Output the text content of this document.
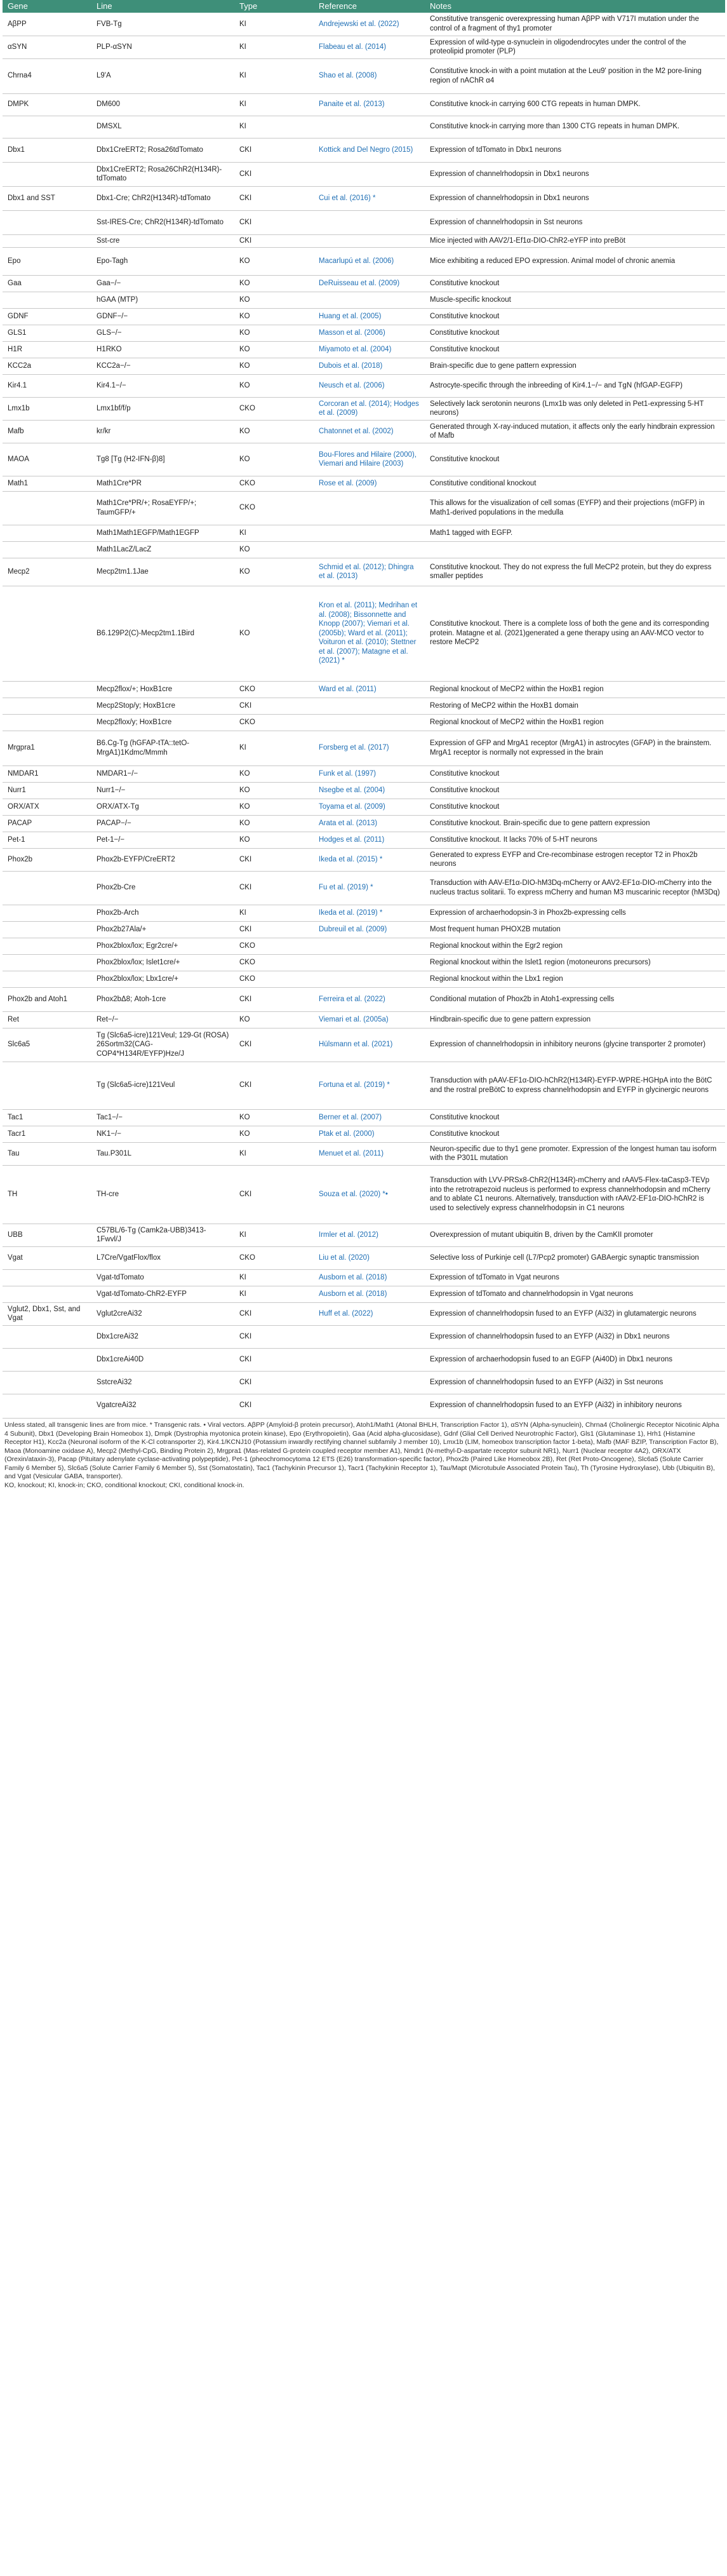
Gene	Line	Type	Reference	Notes
AβPP	FVB-Tg	KI	Andrejewski et al. (2022)	Constitutive transgenic overexpressing human AβPP with V717I mutation under the control of a fragment of thy1 promoter
αSYN	PLP-αSYN	KI	Flabeau et al. (2014)	Expression of wild-type α-synuclein in oligodendrocytes under the control of the proteolipid promoter (PLP)
Chrna4	L9'A	KI	Shao et al. (2008)	Constitutive knock-in with a point mutation at the Leu9' position in the M2 pore-lining region of nAChR α4
DMPK	DM600	KI	Panaite et al. (2013)	Constitutive knock-in carrying 600 CTG repeats in human DMPK.
	DMSXL	KI		Constitutive knock-in carrying more than 1300 CTG repeats in human DMPK.
Dbx1	Dbx1CreERT2; Rosa26tdTomato	CKI	Kottick and Del Negro (2015)	Expression of tdTomato in Dbx1 neurons
	Dbx1CreERT2; Rosa26ChR2(H134R)-tdTomato	CKI		Expression of channelrhodopsin in Dbx1 neurons
Dbx1 and SST	Dbx1-Cre; ChR2(H134R)-tdTomato	CKI	Cui et al. (2016) *	Expression of channelrhodopsin in Dbx1 neurons
	Sst-IRES-Cre; ChR2(H134R)-tdTomato	CKI		Expression of channelrhodopsin in Sst neurons
	Sst-cre	CKI		Mice injected with AAV2/1-Ef1α-DIO-ChR2-eYFP into preBöt
Epo	Epo-Tagh	KO	Macarlupú et al. (2006)	Mice exhibiting a reduced EPO expression. Animal model of chronic anemia
Gaa	Gaa−/−	KO	DeRuisseau et al. (2009)	Constitutive knockout
	hGAA (MTP)	KO		Muscle-specific knockout
GDNF	GDNF−/−	KO	Huang et al. (2005)	Constitutive knockout
GLS1	GLS−/−	KO	Masson et al. (2006)	Constitutive knockout
H1R	H1RKO	KO	Miyamoto et al. (2004)	Constitutive knockout
KCC2a	KCC2a−/−	KO	Dubois et al. (2018)	Brain-specific due to gene pattern expression
Kir4.1	Kir4.1−/−	KO	Neusch et al. (2006)	Astrocyte-specific through the inbreeding of Kir4.1−/− and TgN (hfGAP-EGFP)
Lmx1b	Lmx1bf/f/p	CKO	Corcoran et al. (2014); Hodges et al. (2009)	Selectively lack serotonin neurons (Lmx1b was only deleted in Pet1-expressing 5-HT neurons)
Mafb	kr/kr	KO	Chatonnet et al. (2002)	Generated through X-ray-induced mutation, it affects only the early hindbrain expression of Mafb
MAOA	Tg8 [Tg (H2-IFN-β)8]	KO	Bou-Flores and Hilaire (2000), Viemari and Hilaire (2003)	Constitutive knockout
Math1	Math1Cre*PR	CKO	Rose et al. (2009)	Constitutive conditional knockout
	Math1Cre*PR/+; RosaEYFP/+; TaumGFP/+	CKO		This allows for the visualization of cell somas (EYFP) and their projections (mGFP) in Math1-derived populations in the medulla
	Math1Math1EGFP/Math1EGFP	KI		Math1 tagged with EGFP.
	Math1LacZ/LacZ	KO		
Mecp2	Mecp2tm1.1Jae	KO	Schmid et al. (2012); Dhingra et al. (2013)	Constitutive knockout. They do not express the full MeCP2 protein, but they do express smaller peptides
	B6.129P2(C)-Mecp2tm1.1Bird	KO	Kron et al. (2011); Medrihan et al. (2008); Bissonnette and Knopp (2007); Viemari et al. (2005b); Ward et al. (2011); Voituron et al. (2010); Stettner et al. (2007); Matagne et al. (2021) *	Constitutive knockout. There is a complete loss of both the gene and its corresponding protein. Matagne et al. (2021)generated a gene therapy using an AAV-MCO vector to restore MeCP2
	Mecp2flox/+; HoxB1cre	CKO	Ward et al. (2011)	Regional knockout of MeCP2 within the HoxB1 region
	Mecp2Stop/y; HoxB1cre	CKI		Restoring of MeCP2 within the HoxB1 domain
	Mecp2flox/y; HoxB1cre	CKO		Regional knockout of MeCP2 within the HoxB1 region
Mrgpra1	B6.Cg-Tg (hGFAP-tTA::tetO-MrgA1)1Kdmc/Mmmh	KI	Forsberg et al. (2017)	Expression of GFP and MrgA1 receptor (MrgA1) in astrocytes (GFAP) in the brainstem. MrgA1 receptor is normally not expressed in the brain
NMDAR1	NMDAR1−/−	KO	Funk et al. (1997)	Constitutive knockout
Nurr1	Nurr1−/−	KO	Nsegbe et al. (2004)	Constitutive knockout
ORX/ATX	ORX/ATX-Tg	KO	Toyama et al. (2009)	Constitutive knockout
PACAP	PACAP−/−	KO	Arata et al. (2013)	Constitutive knockout. Brain-specific due to gene pattern expression
Pet-1	Pet-1−/−	KO	Hodges et al. (2011)	Constitutive knockout. It lacks 70% of 5-HT neurons
Phox2b	Phox2b-EYFP/CreERT2	CKI	Ikeda et al. (2015) *	Generated to express EYFP and Cre-recombinase estrogen receptor T2 in Phox2b neurons
	Phox2b-Cre	CKI	Fu et al. (2019) *	Transduction with AAV-Ef1α-DIO-hM3Dq-mCherry or AAV2-EF1α-DIO-mCherry into the nucleus tractus solitarii. To express mCherry and human M3 muscarinic receptor (hM3Dq)
	Phox2b-Arch	KI	Ikeda et al. (2019) *	Expression of archaerhodopsin-3 in Phox2b-expressing cells
	Phox2b27Ala/+	CKI	Dubreuil et al. (2009)	Most frequent human PHOX2B mutation
	Phox2blox/lox; Egr2cre/+	CKO		Regional knockout within the Egr2 region
	Phox2blox/lox; Islet1cre/+	CKO		Regional knockout within the Islet1 region (motoneurons precursors)
	Phox2blox/lox; Lbx1cre/+	CKO		Regional knockout within the Lbx1 region
Phox2b and Atoh1	Phox2bΔ8; Atoh-1cre	CKI	Ferreira et al. (2022)	Conditional mutation of Phox2b in Atoh1-expressing cells
Ret	Ret−/−	KO	Viemari et al. (2005a)	Hindbrain-specific due to gene pattern expression
Slc6a5	Tg (Slc6a5-icre)121Veul; 129-Gt (ROSA) 26Sortm32(CAG-COP4*H134R/EYFP)Hze/J	CKI	Hülsmann et al. (2021)	Expression of channelrhodopsin in inhibitory neurons (glycine transporter 2 promoter)
	Tg (Slc6a5-icre)121Veul	CKI	Fortuna et al. (2019) *	Transduction with pAAV-EF1α-DIO-hChR2(H134R)-EYFP-WPRE-HGHpA into the BötC and the rostral preBötC to express channelrhodopsin and EYFP in glycinergic neurons
Tac1	Tac1−/−	KO	Berner et al. (2007)	Constitutive knockout
Tacr1	NK1−/−	KO	Ptak et al. (2000)	Constitutive knockout
Tau	Tau.P301L	KI	Menuet et al. (2011)	Neuron-specific due to thy1 gene promoter. Expression of the longest human tau isoform with the P301L mutation
TH	TH-cre	CKI	Souza et al. (2020) *•	Transduction with LVV-PRSx8-ChR2(H134R)-mCherry and rAAV5-Flex-taCasp3-TEVp into the retrotrapezoid nucleus is performed to express channelrhodopsin and mCherry and to ablate C1 neurons. Alternatively, transduction with rAAV2-EF1α-DIO-hChR2 is used to selectively express channelrhodopsin in C1 neurons
UBB	C57BL/6-Tg (Camk2a-UBB)3413-1Fwvl/J	KI	Irmler et al. (2012)	Overexpression of mutant ubiquitin B, driven by the CamKII promoter
Vgat	L7Cre/VgatFlox/flox	CKO	Liu et al. (2020)	Selective loss of Purkinje cell (L7/Pcp2 promoter) GABAergic synaptic transmission
	Vgat-tdTomato	KI	Ausborn et al. (2018)	Expression of tdTomato in Vgat neurons
	Vgat-tdTomato-ChR2-EYFP	KI	Ausborn et al. (2018)	Expression of tdTomato and channelrhodopsin in Vgat neurons
Vglut2, Dbx1, Sst, and Vgat	Vglut2creAi32	CKI	Huff et al. (2022)	Expression of channelrhodopsin fused to an EYFP (Ai32) in glutamatergic neurons
	Dbx1creAi32	CKI		Expression of channelrhodopsin fused to an EYFP (Ai32) in Dbx1 neurons
	Dbx1creAi40D	CKI		Expression of archaerhodopsin fused to an EGFP (Ai40D) in Dbx1 neurons
	SstcreAi32	CKI		Expression of channelrhodopsin fused to an EYFP (Ai32) in Sst neurons
	VgatcreAi32	CKI		Expression of channelrhodopsin fused to an EYFP (Ai32) in inhibitory neurons

Unless stated, all transgenic lines are from mice. * Transgenic rats. • Viral vectors. AβPP (Amyloid-β protein precursor), Atoh1/Math1 (Atonal BHLH, Transcription Factor 1), αSYN (Alpha-synuclein), Chrna4 (Cholinergic Receptor Nicotinic Alpha 4 Subunit), Dbx1 (Developing Brain Homeobox 1), Dmpk (Dystrophia myotonica protein kinase), Epo (Erythropoietin), Gaa (Acid alpha-glucosidase), Gdnf (Glial Cell Derived Neurotrophic Factor), Gls1 (Glutaminase 1), Hrh1 (Histamine Receptor H1), Kcc2a (Neuronal isoform of the K-Cl cotransporter 2), Kir4.1/KCNJ10 (Potassium inwardly rectifying channel subfamily J member 10), Lmx1b (LIM, homeobox transcription factor 1-beta), Mafb (MAF BZIP, Transcription Factor B), Maoa (Monoamine oxidase A), Mecp2 (Methyl-CpG, Binding Protein 2), Mrgpra1 (Mas-related G-protein coupled receptor member A1), Nmdr1 (N-methyl-D-aspartate receptor subunit NR1), Nurr1 (Nuclear receptor 4A2), ORX/ATX (Orexin/ataxin-3), Pacap (Pituitary adenylate cyclase-activating polypeptide), Pet-1 (pheochromocytoma 12 ETS (E26) transformation-specific factor), Phox2b (Paired Like Homeobox 2B), Ret (Ret Proto-Oncogene), Slc6a5 (Solute Carrier Family 6 Member 5), Slc6a5 (Solute Carrier Family 6 Member 5), Sst (Somatostatin), Tac1 (Tachykinin Precursor 1), Tacr1 (Tachykinin Receptor 1), Tau/Mapt (Microtubule Associated Protein Tau), Th (Tyrosine Hydroxylase), Ubb (Ubiquitin B), and Vgat (Vesicular GABA, transporter).

KO, knockout; KI, knock-in; CKO, conditional knockout; CKI, conditional knock-in.
